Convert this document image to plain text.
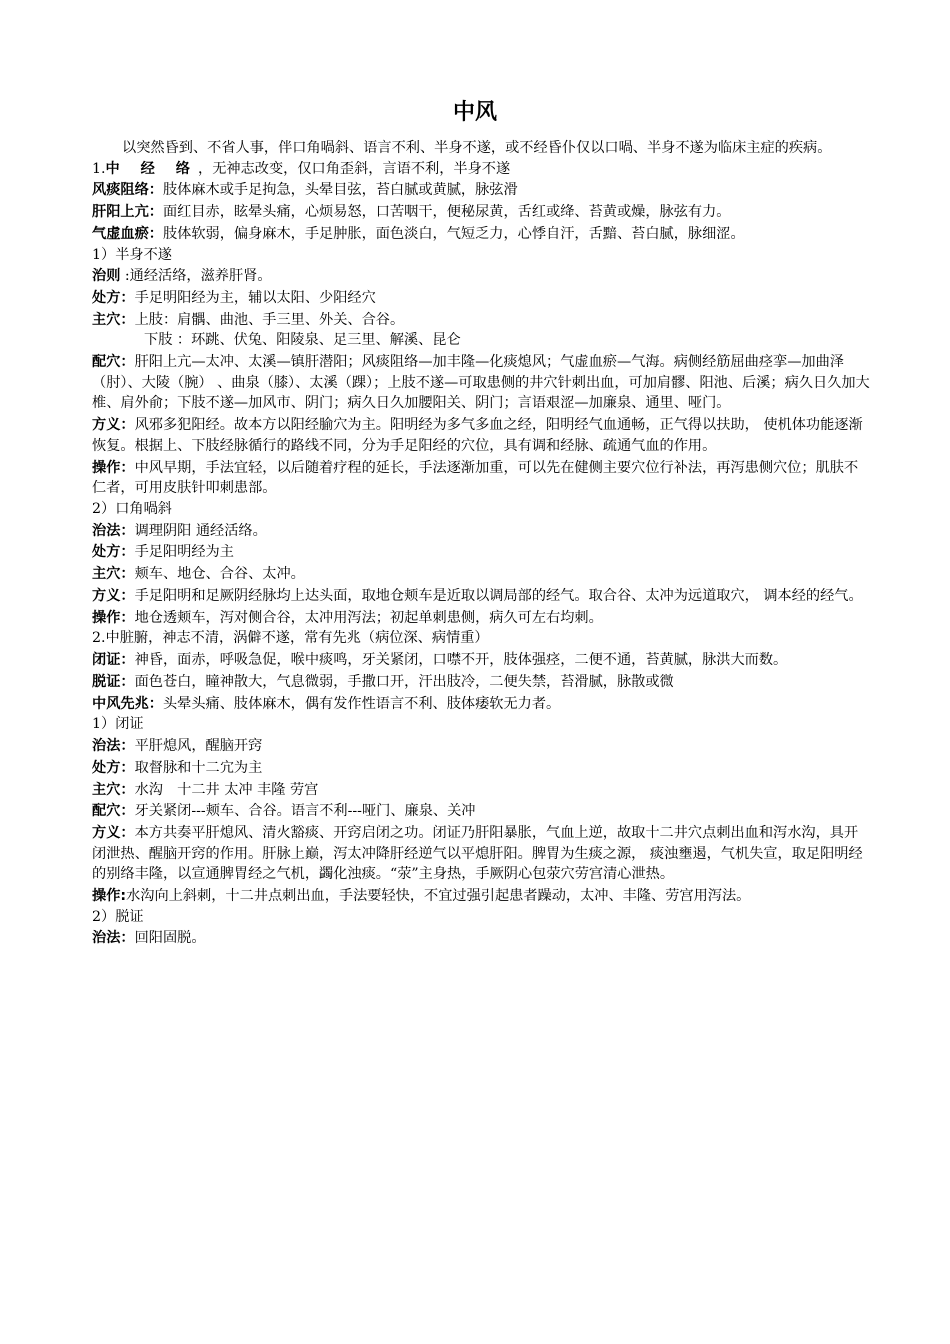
中风

以突然昏到、不省人事，伴口角喎斜、语言不利、半身不遂，或不经昏仆仅以口喎、半身不遂为临床主症的疾病。

1.中 经 络，无神志改变，仅口角歪斜，言语不利，半身不遂

风痰阻络：肢体麻木或手足拘急，头晕目弦，苔白腻或黄腻，脉弦滑

肝阳上亢：面红目赤，眩晕头痛，心烦易怒，口苦咽干，便秘尿黄，舌红或绛、苔黄或燥，脉弦有力。

气虚血瘀：肢体软弱，偏身麻木，手足肿胀，面色淡白，气短乏力，心悸自汗，舌黯、苔白腻，脉细涩。

1）半身不遂

治则 :通经活络，滋养肝肾。

处方：手足明阳经为主，辅以太阳、少阳经穴

主穴：上肢：肩髃、曲池、手三里、外关、合谷。

下肢 ：环跳、伏兔、阳陵泉、足三里、解溪、昆仑

配穴：肝阳上亢—太冲、太溪—镇肝潜阳；风痰阻络—加丰隆—化痰熄风；气虚血瘀—气海。病侧经筋屈曲痉挛—加曲泽（肘）、大陵（腕） 、曲泉（膝）、太溪（踝）；上肢不遂—可取患侧的井穴针刺出血，可加肩髎、阳池、后溪；病久日久加大椎、肩外俞；下肢不遂—加风市、阴门；病久日久加腰阳关、阴门；言语艰涩—加廉泉、通里、哑门。

方义：风邪多犯阳经。故本方以阳经腧穴为主。阳明经为多气多血之经，阳明经气血通畅，正气得以扶助， 使机体功能逐渐恢复。根据上、下肢经脉循行的路线不同，分为手足阳经的穴位，具有调和经脉、疏通气血的作用。

操作：中风早期，手法宜轻，以后随着疗程的延长，手法逐渐加重，可以先在健侧主要穴位行补法，再泻患侧穴位；肌肤不仁者，可用皮肤针叩刺患部。

2）口角喎斜

治法：调理阴阳 通经活络。

处方：手足阳明经为主

主穴：颊车、地仓、合谷、太冲。

方义：手足阳明和足厥阴经脉均上达头面，取地仓颊车是近取以调局部的经气。取合谷、太冲为远道取穴， 调本经的经气。

操作：地仓透颊车，泻对侧合谷，太冲用泻法；初起单刺患侧，病久可左右均刺。

2.中脏腑，神志不清，涡僻不遂，常有先兆（病位深、病情重）

闭证：神昏，面赤，呼吸急促，喉中痰鸣，牙关紧闭，口噤不开，肢体强痉，二便不通，苔黄腻，脉洪大而数。

脱证：面色苍白，瞳神散大，气息微弱，手撒口开，汗出肢冷，二便失禁，苔滑腻，脉散或微

中风先兆：头晕头痛、肢体麻木，偶有发作性语言不利、肢体痿软无力者。

1）闭证

治法：平肝熄风，醒脑开窍

处方：取督脉和十二宂为主

主穴：水沟　十二井 太冲 丰隆 劳宫

配穴：牙关紧闭---颊车、合谷。语言不利---哑门、廉泉、关冲

方义：本方共奏平肝熄风、清火豁痰、开窍启闭之功。闭证乃肝阳暴胀，气血上逆，故取十二井穴点刺出血和泻水沟，具开闭泄热、醒脑开窍的作用。肝脉上巅，泻太冲降肝经逆气以平熄肝阳。脾胃为生痰之源， 痰浊壅遏，气机失宣，取足阳明经的别络丰隆，以宣通脾胃经之气机，蠲化浊痰。“荥”主身热，手厥阴心包荥穴劳宫清心泄热。

操作:水沟向上斜刺，十二井点刺出血，手法要轻快，不宜过强引起患者躁动，太冲、丰隆、劳宫用泻法。

2）脱证

治法：回阳固脱。
